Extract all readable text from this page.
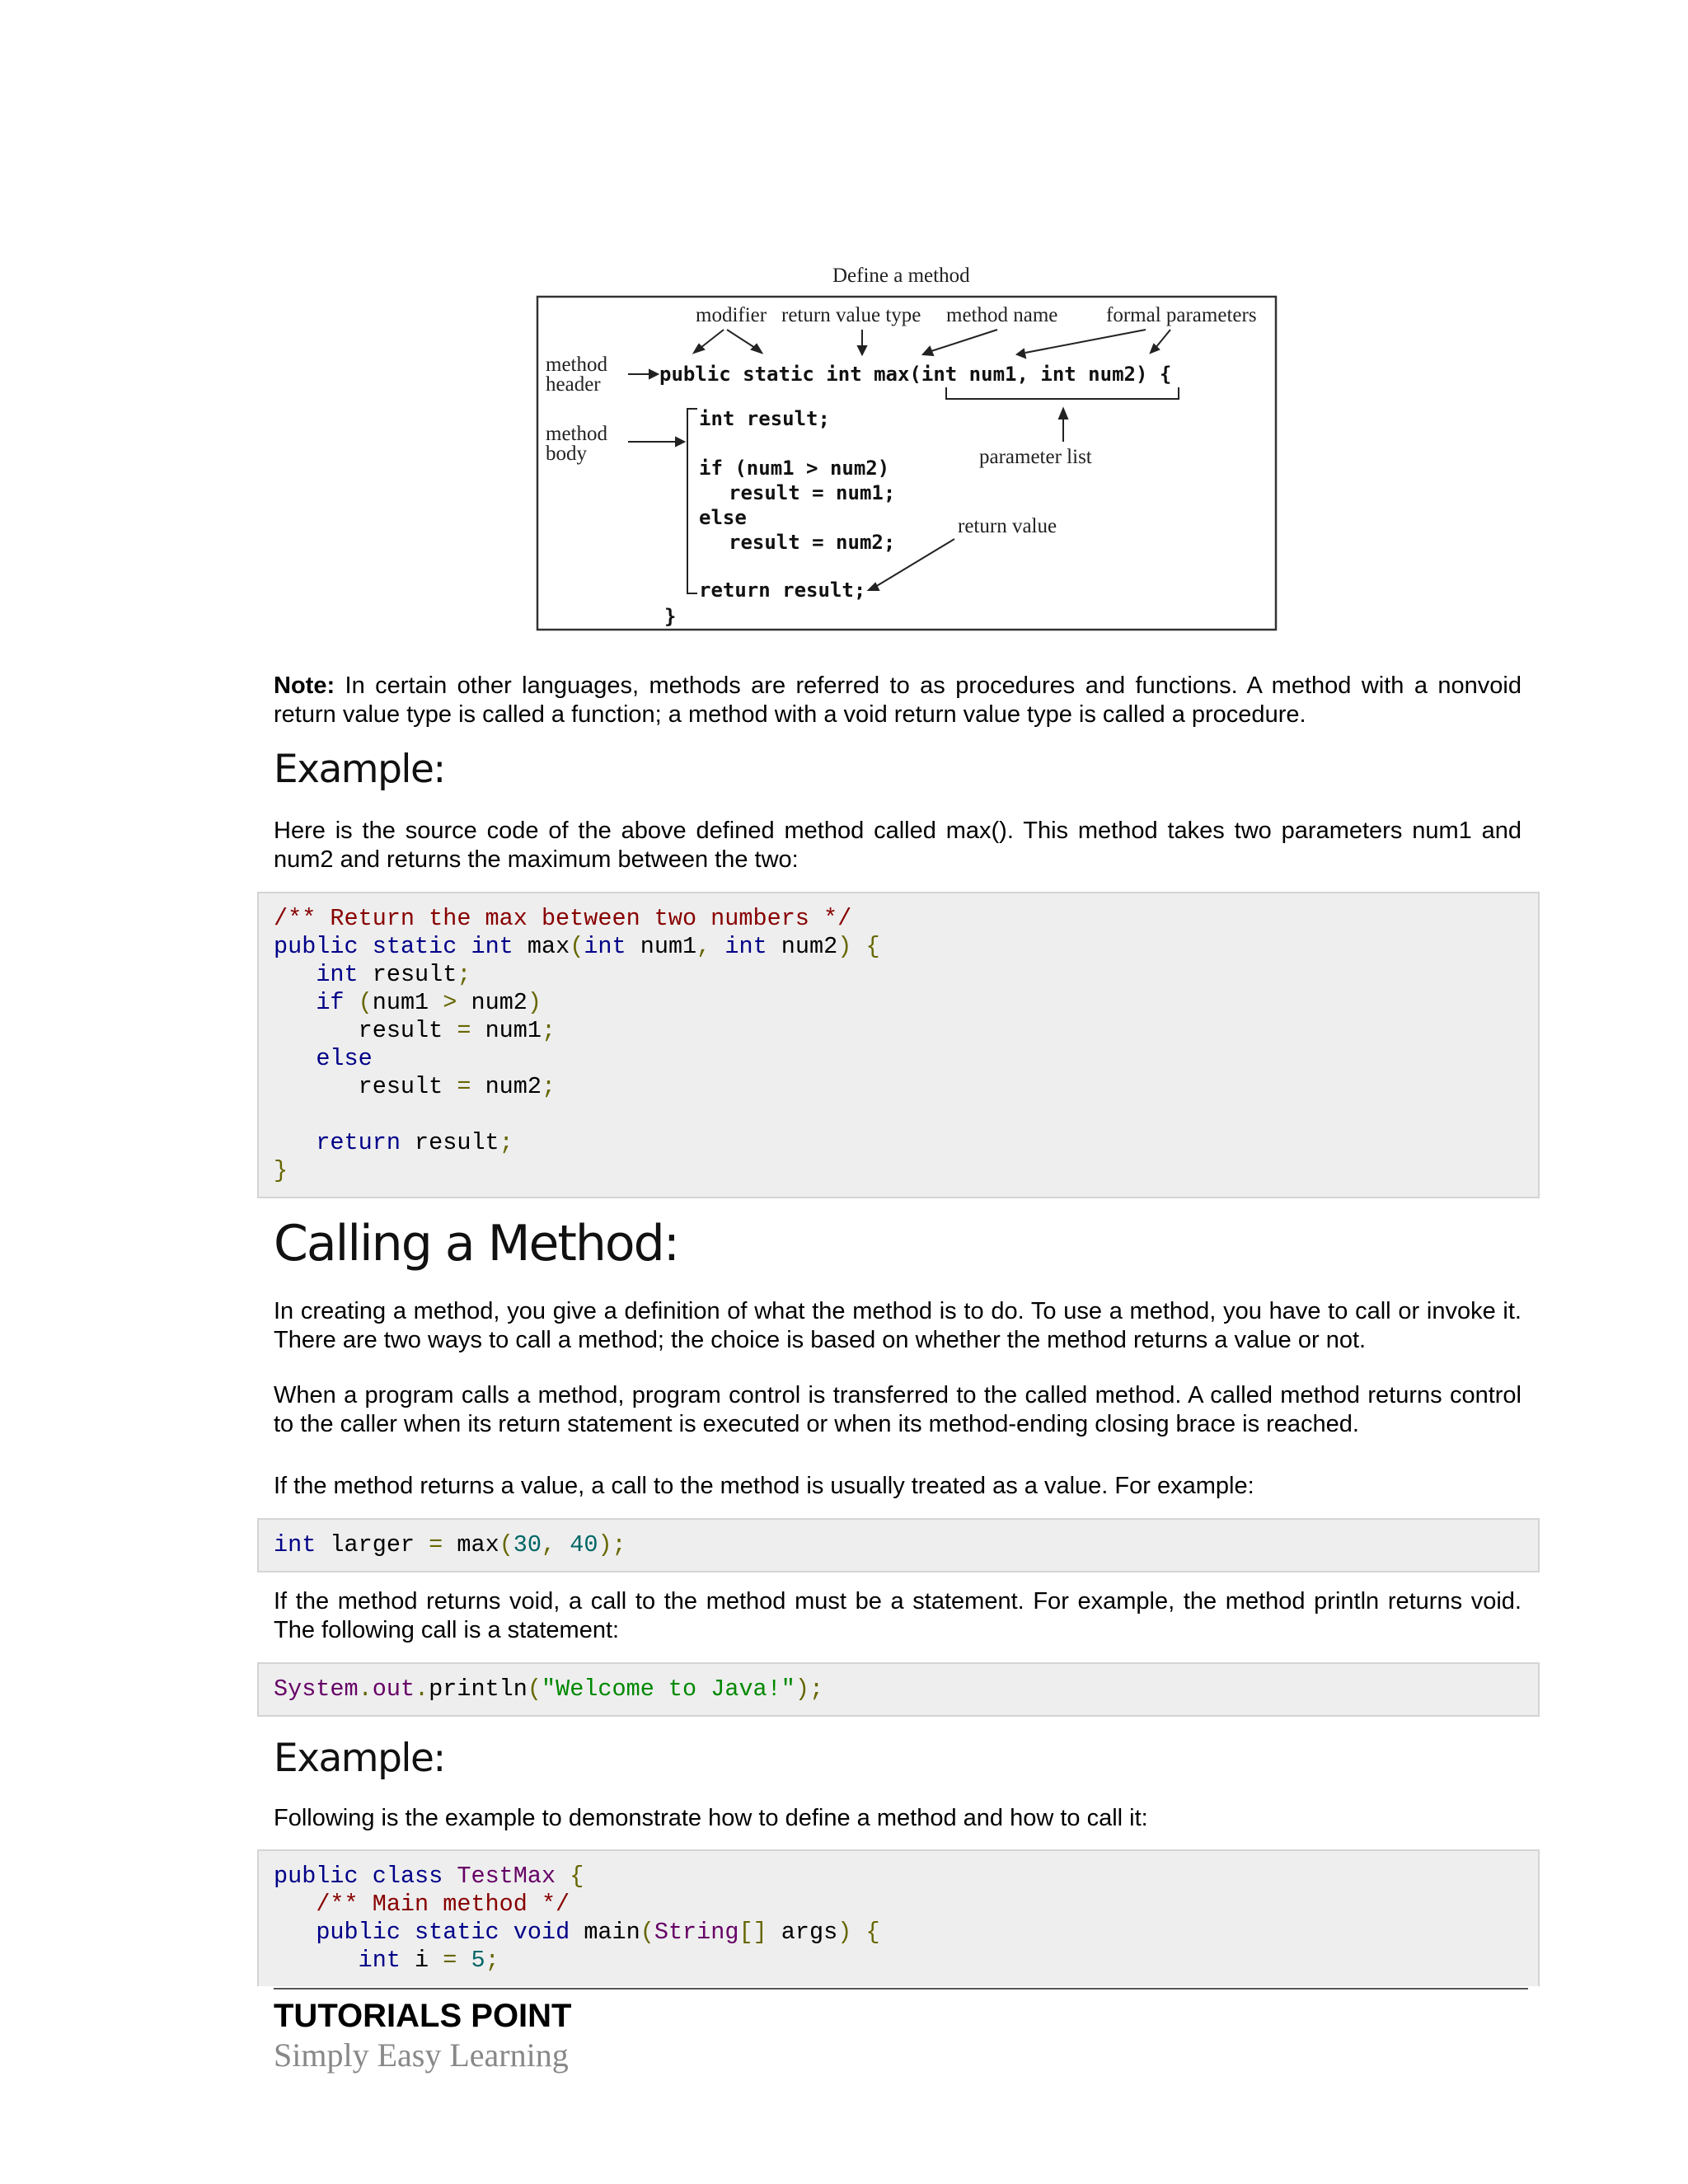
Define a method
modifier return value type method name formal parameters
method
header
method
body	parameter list
return value
public static int max(int num1, int num2) {
int result;
if (num1 > num2)
result = num1;
else
result = num2;
return result;
}
Note: In certain other languages, methods are referred to as procedures and functions. A method with a nonvoid return value type is called a function; a method with a void return value type is called a procedure.
Example:
Here is the source code of the above defined method called max(). This method takes two parameters num1 and num2 and returns the maximum between the two:
/** Return the max between two numbers */
public static int max(int num1, int num2) {
int result;
if (num1 > num2)
result = num1;
else
result = num2;

return result;
}
Calling a Method:
In creating a method, you give a definition of what the method is to do. To use a method, you have to call or invoke it. There are two ways to call a method; the choice is based on whether the method returns a value or not.
When a program calls a method, program control is transferred to the called method. A called method returns control to the caller when its return statement is executed or when its method-ending closing brace is reached.
If the method returns a value, a call to the method is usually treated as a value. For example:
int larger = max(30, 40);
If the method returns void, a call to the method must be a statement. For example, the method println returns void. The following call is a statement:
System.out.println("Welcome to Java!");
Example:
Following is the example to demonstrate how to define a method and how to call it:
public class TestMax {
/** Main method */
public static void main(String[] args) {
int i = 5;
TUTORIALS POINT
Simply Easy Learning
